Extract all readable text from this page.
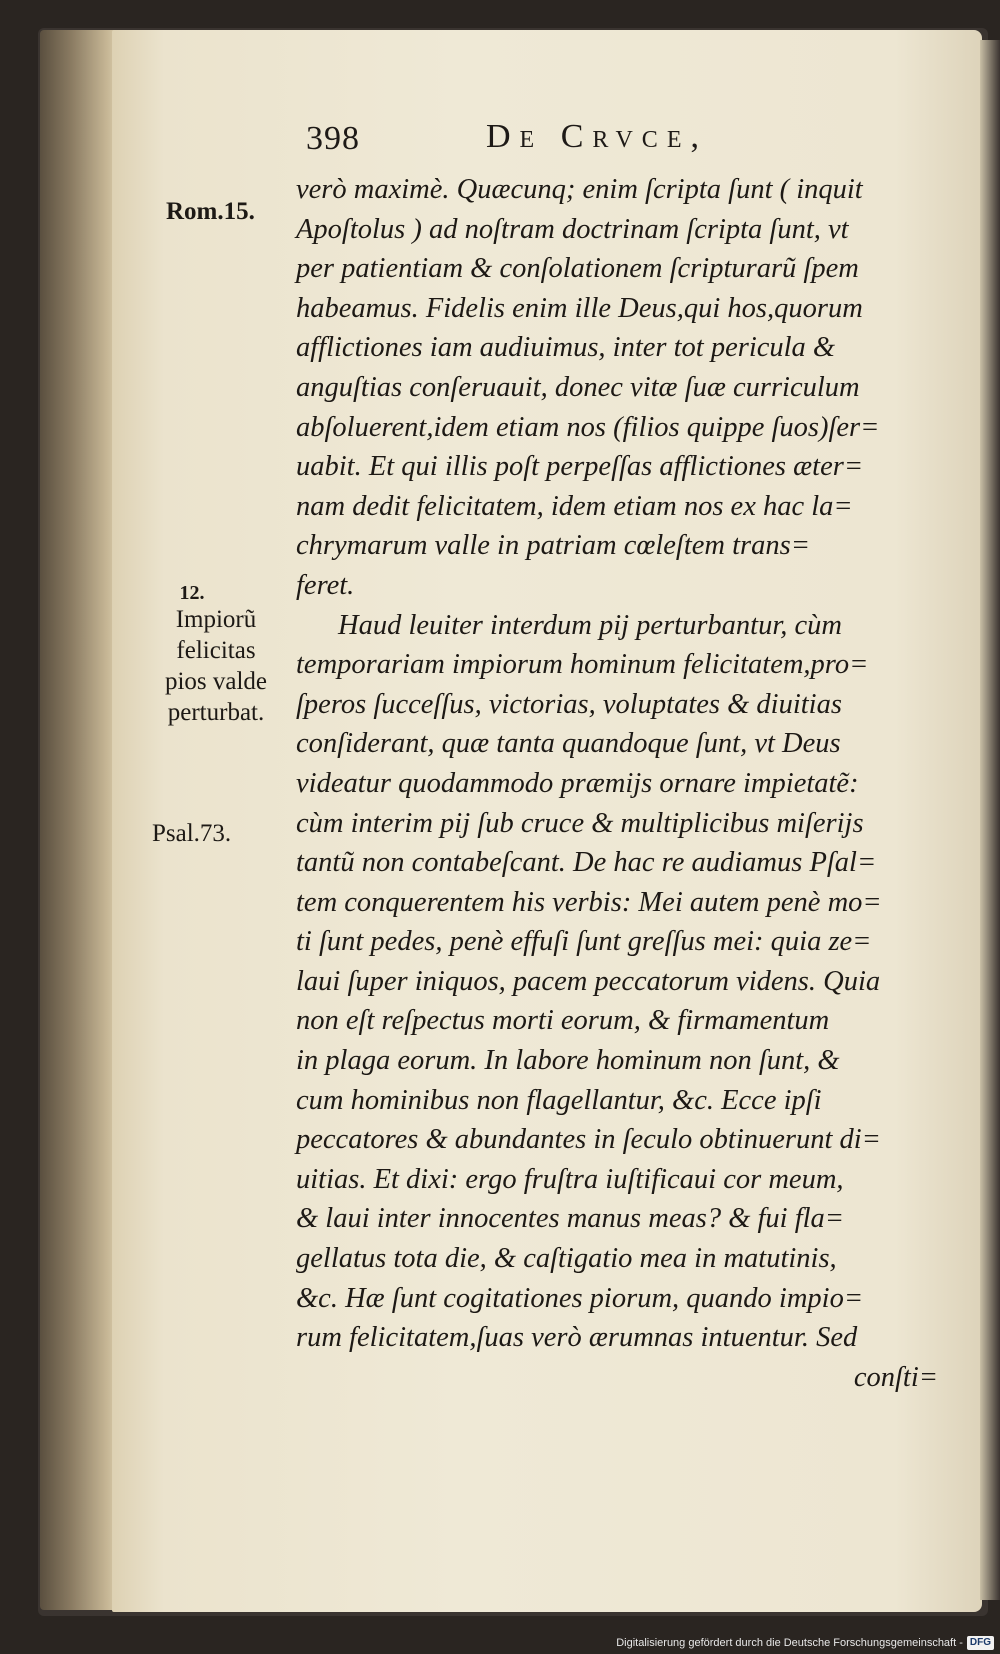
398	De Crvce,
Rom.15.
12.
Impiorũ
felicitas
pios valde
perturbat.
Psal.73.
verò maximè. Quæcunq; enim ſcripta ſunt ( inquit
Apoſtolus ) ad noſtram doctrinam ſcripta ſunt, vt
per patientiam & conſolationem ſcripturarũ ſpem
habeamus. Fidelis enim ille Deus,qui hos,quorum
afflictiones iam audiuimus, inter tot pericula &
anguſtias conſeruauit, donec vitæ ſuæ curriculum
abſoluerent,idem etiam nos (filios quippe ſuos)ſer=
uabit. Et qui illis poſt perpeſſas afflictiones æter=
nam dedit felicitatem, idem etiam nos ex hac la=
chrymarum valle in patriam cœleſtem trans=
feret.
Haud leuiter interdum pij perturbantur, cùm
temporariam impiorum hominum felicitatem,pro=
ſperos ſucceſſus, victorias, voluptates & diuitias
conſiderant, quæ tanta quandoque ſunt, vt Deus
videatur quodammodo præmijs ornare impietatẽ:
cùm interim pij ſub cruce & multiplicibus miſerijs
tantũ non contabeſcant. De hac re audiamus Pſal=
tem conquerentem his verbis: Mei autem penè mo=
ti ſunt pedes, penè effuſi ſunt greſſus mei: quia ze=
laui ſuper iniquos, pacem peccatorum videns. Quia
non eſt reſpectus morti eorum, & firmamentum
in plaga eorum. In labore hominum non ſunt, &
cum hominibus non flagellantur, &c. Ecce ipſi
peccatores & abundantes in ſeculo obtinuerunt di=
uitias. Et dixi: ergo fruſtra iuſtificaui cor meum,
& laui inter innocentes manus meas? & fui fla=
gellatus tota die, & caſtigatio mea in matutinis,
&c. Hæ ſunt cogitationes piorum, quando impio=
rum felicitatem,ſuas verò ærumnas intuentur. Sed
conſti=
Digitalisierung gefördert durch die Deutsche Forschungsgemeinschaft - DFG
